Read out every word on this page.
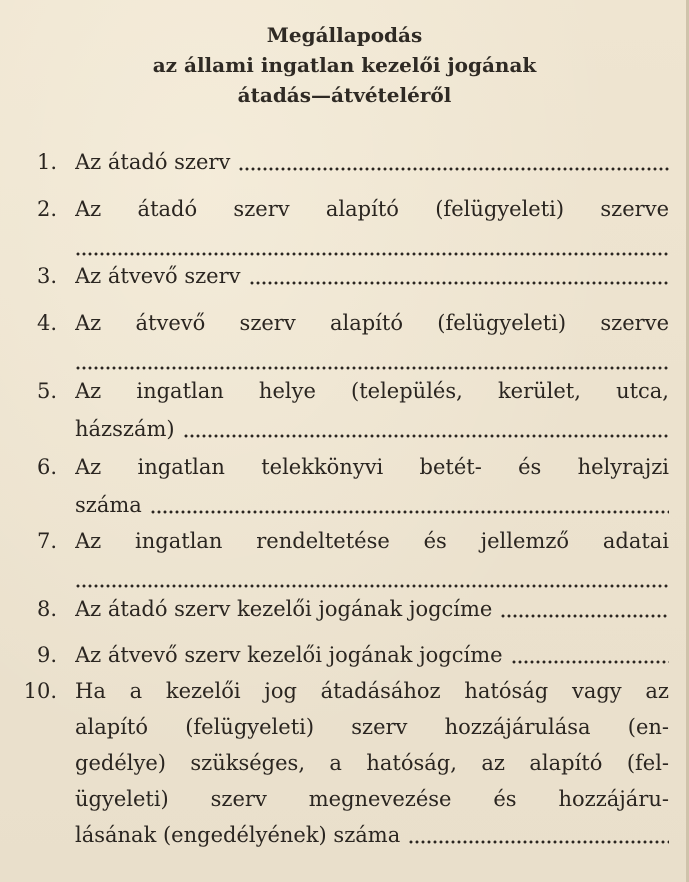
Megállapodás
az állami ingatlan kezelői jogának
átadás—átvételéről
1. Az átadó szerv
2. Az átadó szerv alapító (felügyeleti) szerve
3. Az átvevő szerv
4. Az átvevő szerv alapító (felügyeleti) szerve
5. Az ingatlan helye (település, kerület, utca,
házszám)
6. Az ingatlan telekkönyvi betét- és helyrajzi
száma
7. Az ingatlan rendeltetése és jellemző adatai
8. Az átadó szerv kezelői jogának jogcíme
9. Az átvevő szerv kezelői jogának jogcíme
10. Ha a kezelői jog átadásához hatóság vagy az
alapító (felügyeleti) szerv hozzájárulása (en-
gedélye) szükséges, a hatóság, az alapító (fel-
ügyeleti) szerv megnevezése és hozzájáru-
lásának (engedélyének) száma
